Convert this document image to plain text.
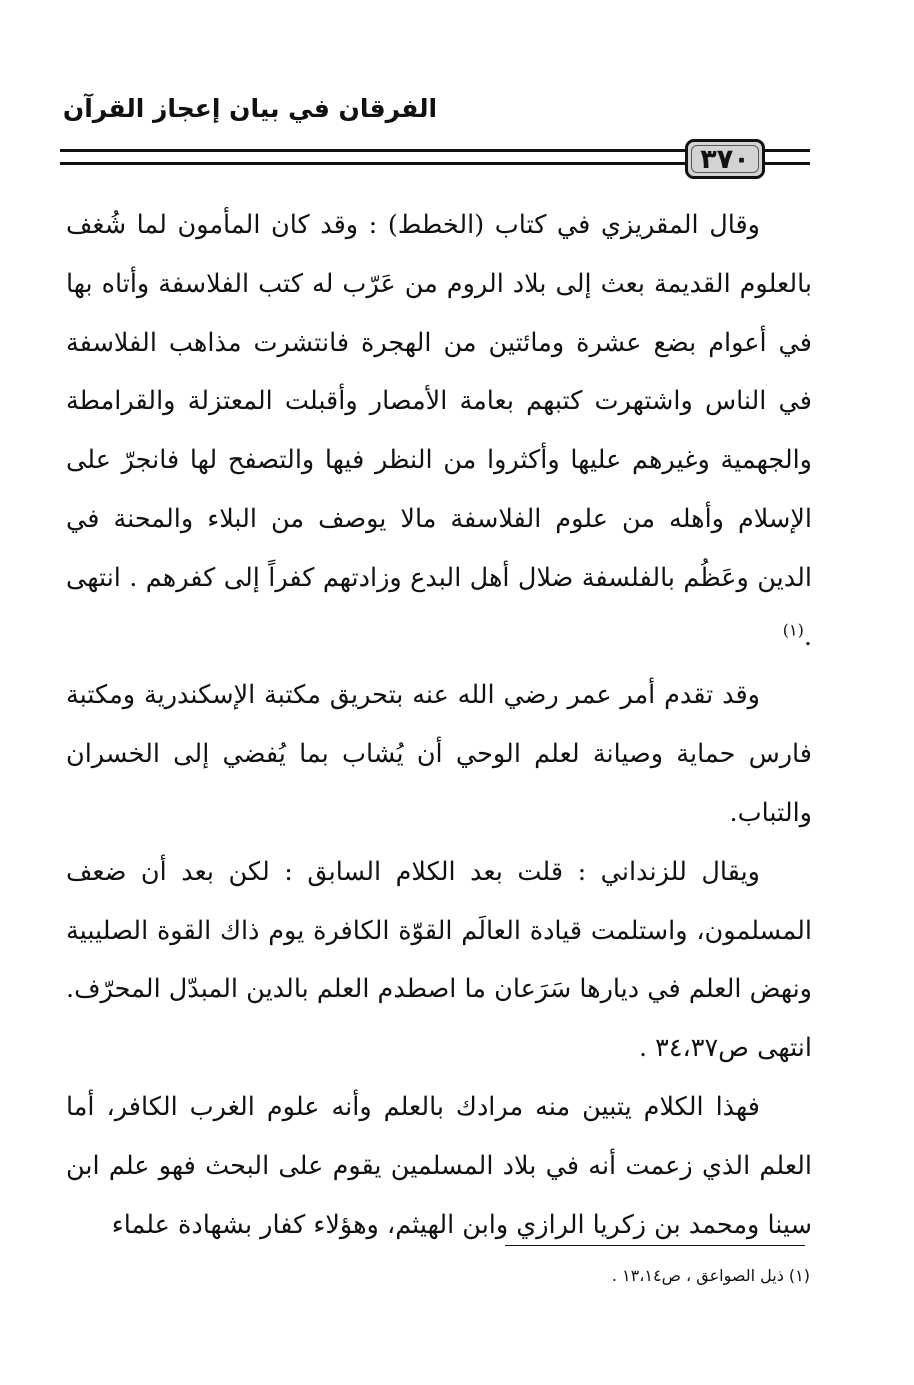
الفرقان في بيان إعجاز القرآن
٣٧٠

وقال المقريزي في كتاب (الخطط) : وقد كان المأمون لما شُغف بالعلوم القديمة بعث إلى بلاد الروم من عَرّب له كتب الفلاسفة وأتاه بها في أعوام بضع عشرة ومائتين من الهجرة فانتشرت مذاهب الفلاسفة في الناس واشتهرت كتبهم بعامة الأمصار وأقبلت المعتزلة والقرامطة والجهمية وغيرهم عليها وأكثروا من النظر فيها والتصفح لها فانجرّ على الإسلام وأهله من علوم الفلاسفة مالا يوصف من البلاء والمحنة في الدين وعَظُم بالفلسفة ضلال أهل البدع وزادتهم كفراً إلى كفرهم . انتهى .$^{(١)}$

وقد تقدم أمر عمر رضي الله عنه بتحريق مكتبة الإسكندرية ومكتبة فارس حماية وصيانة لعلم الوحي أن يُشاب بما يُفضي إلى الخسران والتباب.

ويقال للزنداني : قلت بعد الكلام السابق : لكن بعد أن ضعف المسلمون، واستلمت قيادة العالَم القوّة الكافرة يوم ذاك القوة الصليبية ونهض العلم في ديارها سَرَعان ما اصطدم العلم بالدين المبدّل المحرّف. انتهى ص٣٤،٣٧ .

فهذا الكلام يتبين منه مرادك بالعلم وأنه علوم الغرب الكافر، أما العلم الذي زعمت أنه في بلاد المسلمين يقوم على البحث فهو علم ابن سينا ومحمد بن زكريا الرازي وابن الهيثم، وهؤلاء كفار بشهادة علماء

(١) ذيل الصواعق ، ص١٣،١٤ .
